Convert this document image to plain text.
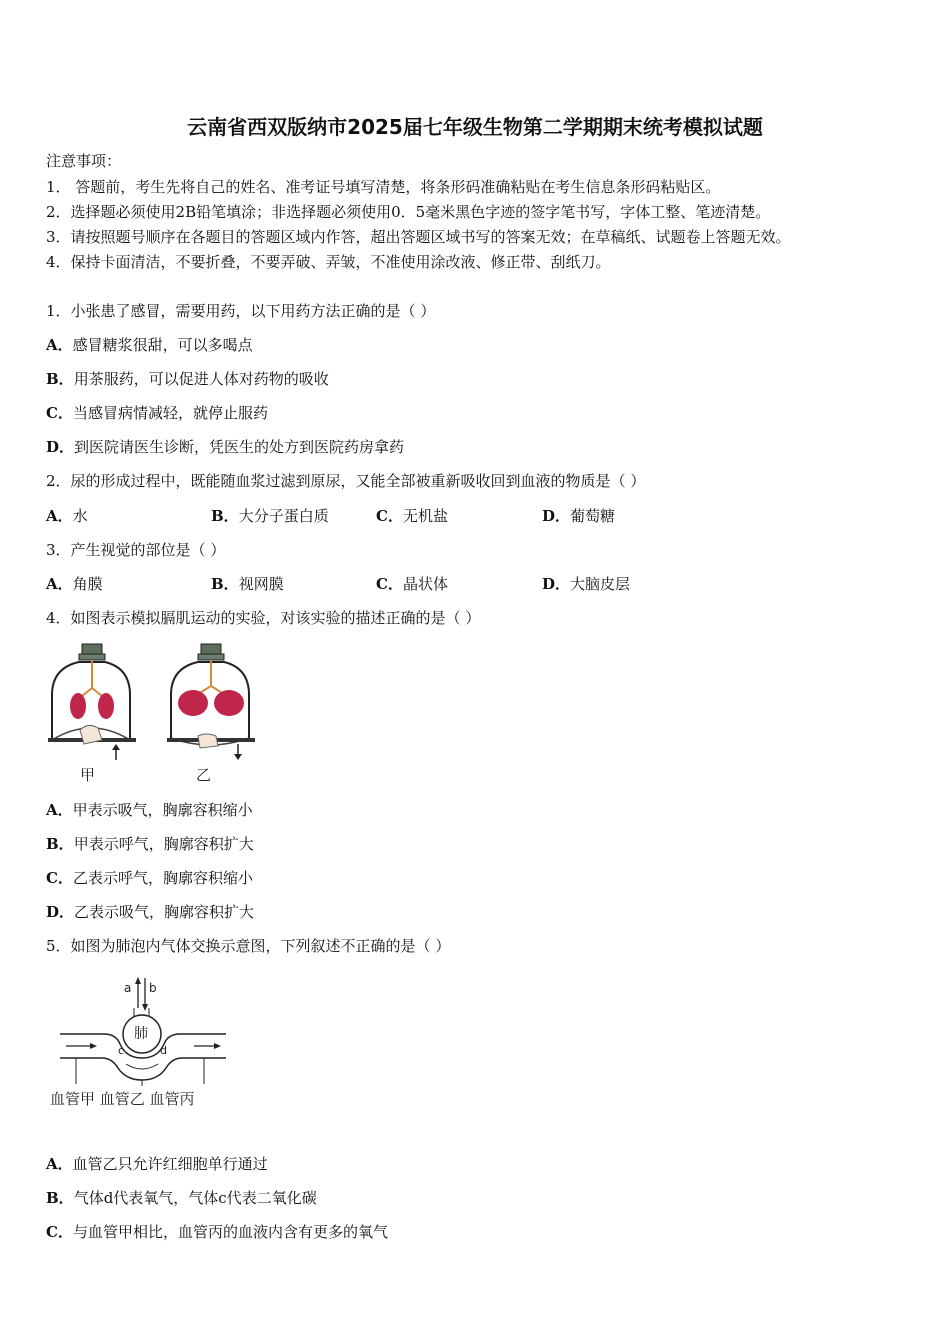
云南省西双版纳市2025届七年级生物第二学期期末统考模拟试题
注意事项：
1． 答题前，考生先将自己的姓名、准考证号填写清楚，将条形码准确粘贴在考生信息条形码粘贴区。
2．选择题必须使用2B铅笔填涂；非选择题必须使用0．5毫米黑色字迹的签字笔书写，字体工整、笔迹清楚。
3．请按照题号顺序在各题目的答题区域内作答，超出答题区域书写的答案无效；在草稿纸、试题卷上答题无效。
4．保持卡面清洁，不要折叠，不要弄破、弄皱，不准使用涂改液、修正带、刮纸刀。
1．小张患了感冒，需要用药，以下用药方法正确的是（ ）
A．感冒糖浆很甜，可以多喝点
B．用茶服药，可以促进人体对药物的吸收
C．当感冒病情减轻，就停止服药
D．到医院请医生诊断，凭医生的处方到医院药房拿药
2．尿的形成过程中，既能随血浆过滤到原尿，又能全部被重新吸收回到血液的物质是（ ）
A．水	B．大分子蛋白质	C．无机盐	D．葡萄糖
3．产生视觉的部位是（ ）
A．角膜	B．视网膜	C．晶状体	D．大脑皮层
4．如图表示模拟膈肌运动的实验，对该实验的描述正确的是（ ）
甲	乙
A．甲表示吸气，胸廓容积缩小
B．甲表示呼气，胸廓容积扩大
C．乙表示呼气，胸廓容积缩小
D．乙表示吸气，胸廓容积扩大
5．如图为肺泡内气体交换示意图，下列叙述不正确的是（ ）
a b
肺
c	d
血管甲 血管乙 血管丙
A．血管乙只允许红细胞单行通过
B．气体d代表氧气，气体c代表二氧化碳
C．与血管甲相比，血管丙的血液内含有更多的氧气
